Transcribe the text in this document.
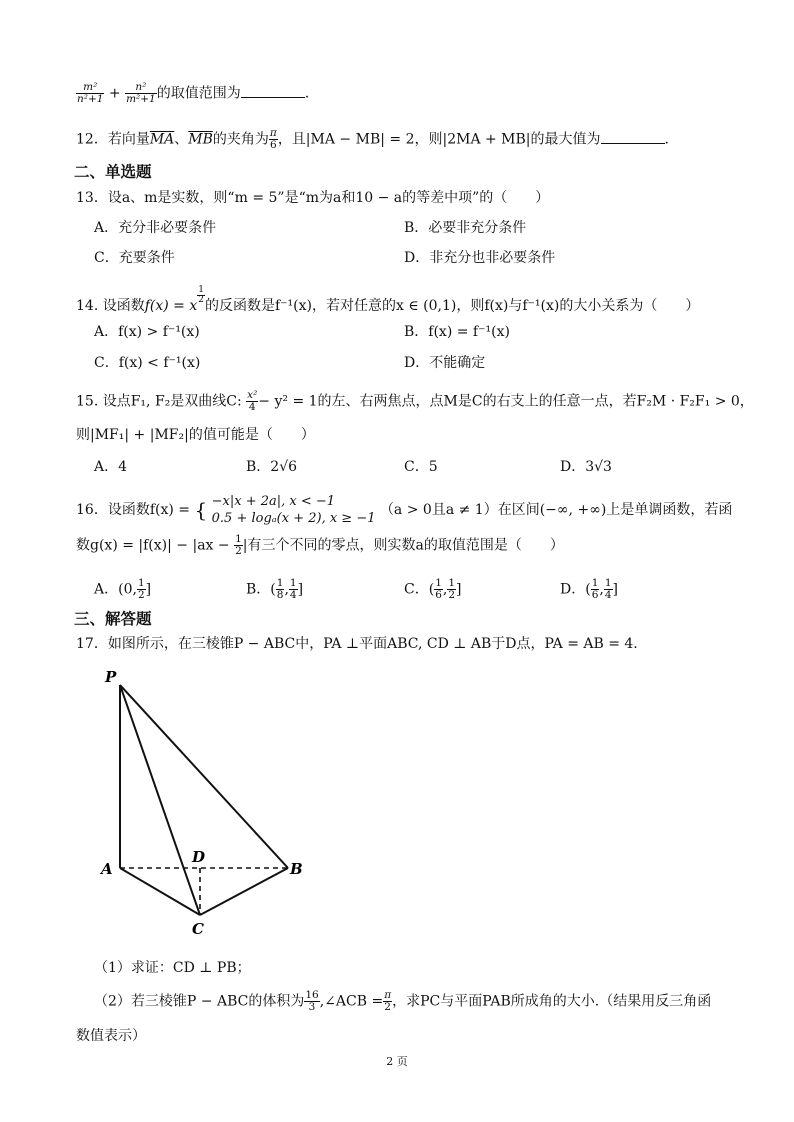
$\frac{\text{m²}}{\text{n²+1}} + \frac{\text{n²}}{\text{m²+1}}$ 的取值范围为	.
12．若向量$\overline{MA}$、$\overline{MB}$的夹角为 $\frac{\pi}{6}$ ，且|MA − MB| = 2，则|2MA + MB|的最大值为	.
二、单选题
13．设a、m是实数，则“m = 5”是“m为a和10 − a的等差中项”的（　　）
A．充分非必要条件	B．必要非充分条件
C．充要条件	D．非充分也非必要条件
14. 设函数f(x) = x
$\frac{1}{2}$
的反函数是f⁻¹(x)，若对任意的x ∈ (0,1)，则f(x)与f⁻¹(x)的大小关系为（　　）
A．f(x) > f⁻¹(x)	B．f(x) = f⁻¹(x)
C．f(x) < f⁻¹(x)	D．不能确定
15. 设点F₁, F₂是双曲线C: $\frac{\text{x²}}{4} - y^2 = 1$的左、右两焦点，点M是C的右支上的任意一点，若F₂M · F₂F₁ > 0，
则|MF₁| + |MF₂|的值可能是（　　）
A．4	B．2√6	C．5	D．3√3
16．设函数f(x) = { −x|x + 2a|, x < −1
0.5 + logₐ(x + 2), x ≥ −1
（a > 0且a ≠ 1）在区间(−∞, +∞)上是单调函数，若函
数$g(x) = |f(x)| - |ax - \frac{1}{2}$ |有三个不同的零点，则实数a的取值范围是（　　）
A．(0, $\frac{1}{2}$ ]	B．( $\frac{1}{8}$ , $\frac{1}{4}$ ]	C．( $\frac{1}{6}$ , $\frac{1}{2}$ ]	D．( $\frac{1}{6}$ , $\frac{1}{4}$ ]
三、解答题
17．如图所示，在三棱锥P − ABC中，PA ⊥平面ABC, CD ⊥ AB于D点，PA = AB = 4.
P
A	B
C
D
（1）求证：CD ⊥ PB；
（2）若三棱锥P − ABC的体积为 $\frac{16}{3}$ ,∠ACB = $\frac{\pi}{2}$ ，求PC与平面PAB所成角的大小.（结果用反三角函
数值表示）
2 页
